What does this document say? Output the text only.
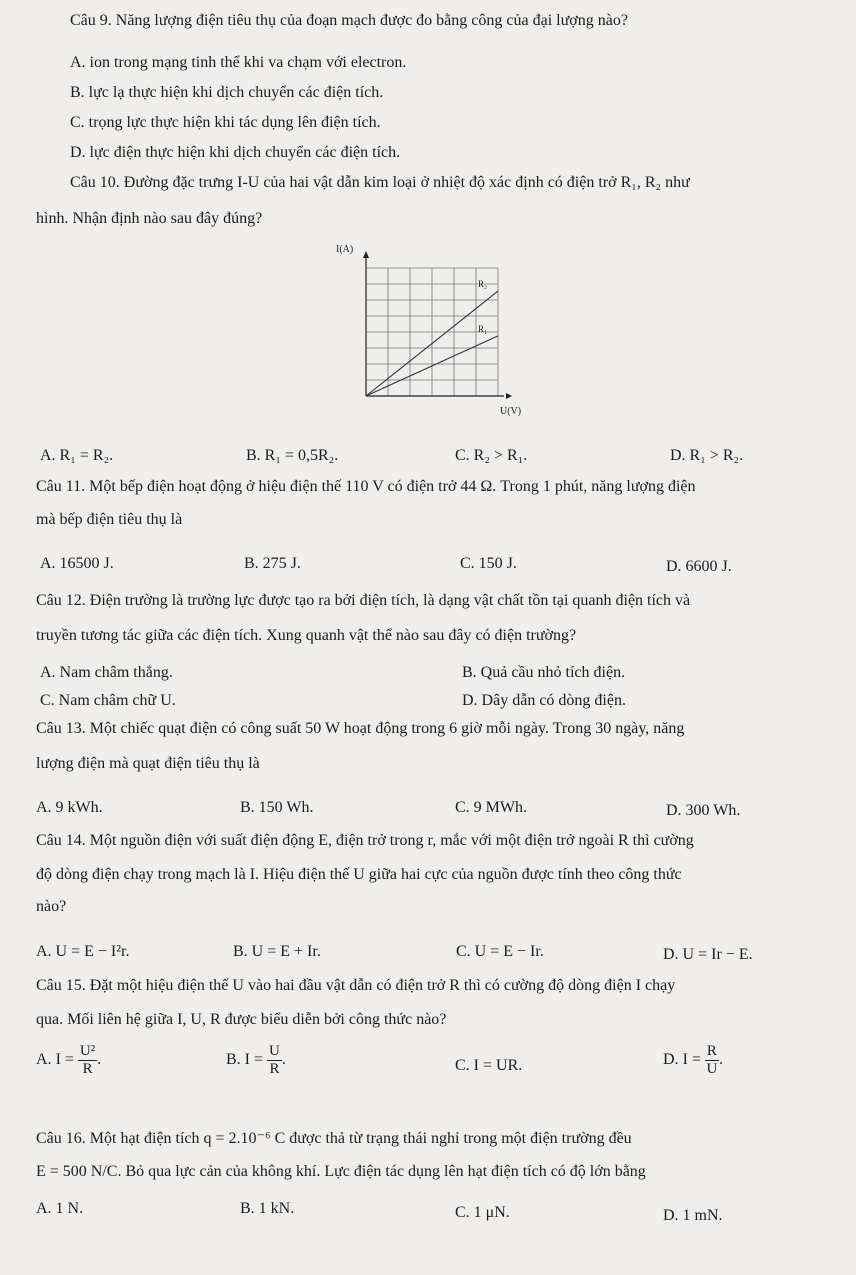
Câu 9. Năng lượng điện tiêu thụ của đoạn mạch được đo bằng công của đại lượng nào?
A. ion trong mạng tinh thể khi va chạm với electron.
B. lực lạ thực hiện khi dịch chuyển các điện tích.
C. trọng lực thực hiện khi tác dụng lên điện tích.
D. lực điện thực hiện khi dịch chuyển các điện tích.
Câu 10. Đường đặc trưng I-U của hai vật dẫn kim loại ở nhiệt độ xác định có điện trở R₁, R₂ như
hình. Nhận định nào sau đây đúng?
I(A)
U(V)
R₂
R₁
A. R₁ = R₂.	B. R₁ = 0,5R₂.	C. R₂ > R₁.	D. R₁ > R₂.
Câu 11. Một bếp điện hoạt động ở hiệu điện thế 110 V có điện trở 44 Ω. Trong 1 phút, năng lượng điện
mà bếp điện tiêu thụ là
A. 16500 J.	B. 275 J.	C. 150 J.	D. 6600 J.
Câu 12. Điện trường là trường lực được tạo ra bởi điện tích, là dạng vật chất tồn tại quanh điện tích và
truyền tương tác giữa các điện tích. Xung quanh vật thể nào sau đây có điện trường?
A. Nam châm thẳng.	B. Quả cầu nhỏ tích điện.
C. Nam châm chữ U.	D. Dây dẫn có dòng điện.
Câu 13. Một chiếc quạt điện có công suất 50 W hoạt động trong 6 giờ mỗi ngày. Trong 30 ngày, năng
lượng điện mà quạt điện tiêu thụ là
A. 9 kWh.	B. 150 Wh.	C. 9 MWh.	D. 300 Wh.
Câu 14. Một nguồn điện với suất điện động E, điện trở trong r, mắc với một điện trở ngoài R thì cường
độ dòng điện chạy trong mạch là I. Hiệu điện thế U giữa hai cực của nguồn được tính theo công thức
nào?
A. U = E − I²r.	B. U = E + Ir.	C. U = E − Ir.	D. U = Ir − E.
Câu 15. Đặt một hiệu điện thế U vào hai đầu vật dẫn có điện trở R thì có cường độ dòng điện I chạy
qua. Mối liên hệ giữa I, U, R được biểu diễn bởi công thức nào?
A. $I = \frac{\text{U²}}{R}$ .	B. $I = \frac{U}{R}$ .	C. I = UR.	D. $I = \frac{R}{U}$ .
Câu 16. Một hạt điện tích q = 2.10⁻⁶ C được thả từ trạng thái nghỉ trong một điện trường đều
E = 500 N/C. Bỏ qua lực cản của không khí. Lực điện tác dụng lên hạt điện tích có độ lớn bằng
A. 1 N.	B. 1 kN.	C. 1 μN.	D. 1 mN.
